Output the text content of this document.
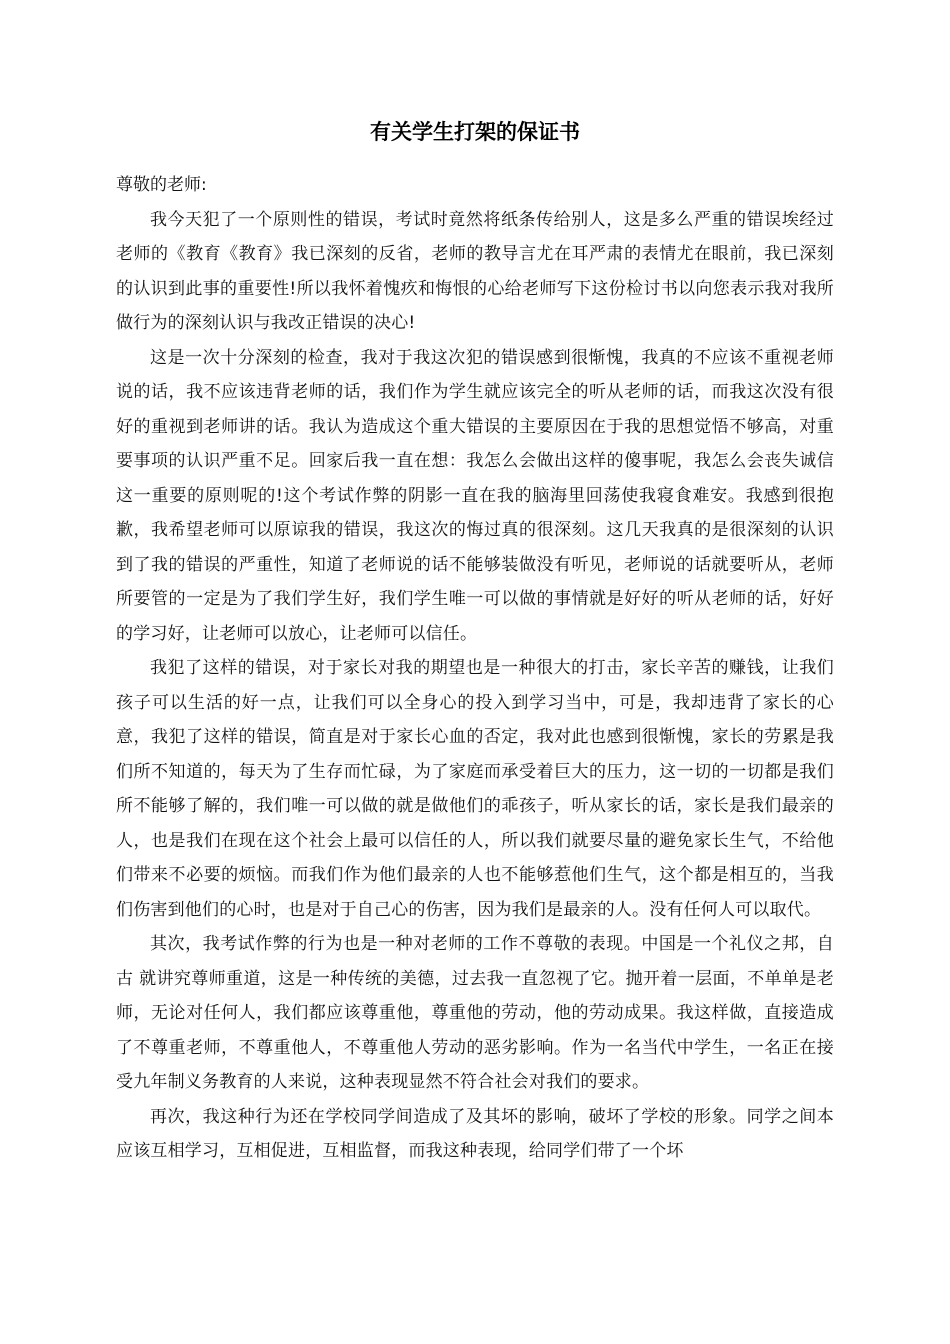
有关学生打架的保证书

尊敬的老师:

我今天犯了一个原则性的错误，考试时竟然将纸条传给别人，这是多么严重的错误埃经过老师的《教育《教育》我已深刻的反省，老师的教导言尤在耳严肃的表情尤在眼前，我已深刻的认识到此事的重要性!所以我怀着愧疚和悔恨的心给老师写下这份检讨书以向您表示我对我所做行为的深刻认识与我改正错误的决心!

这是一次十分深刻的检查，我对于我这次犯的错误感到很惭愧，我真的不应该不重视老师说的话，我不应该违背老师的话，我们作为学生就应该完全的听从老师的话，而我这次没有很好的重视到老师讲的话。我认为造成这个重大错误的主要原因在于我的思想觉悟不够高，对重要事项的认识严重不足。回家后我一直在想：我怎么会做出这样的傻事呢，我怎么会丧失诚信这一重要的原则呢的!这个考试作弊的阴影一直在我的脑海里回荡使我寝食难安。我感到很抱歉，我希望老师可以原谅我的错误，我这次的悔过真的很深刻。这几天我真的是很深刻的认识到了我的错误的严重性，知道了老师说的话不能够装做没有听见，老师说的话就要听从，老师所要管的一定是为了我们学生好，我们学生唯一可以做的事情就是好好的听从老师的话，好好的学习好，让老师可以放心，让老师可以信任。

我犯了这样的错误，对于家长对我的期望也是一种很大的打击，家长辛苦的赚钱，让我们孩子可以生活的好一点，让我们可以全身心的投入到学习当中，可是，我却违背了家长的心意，我犯了这样的错误，简直是对于家长心血的否定，我对此也感到很惭愧，家长的劳累是我们所不知道的，每天为了生存而忙碌，为了家庭而承受着巨大的压力，这一切的一切都是我们所不能够了解的，我们唯一可以做的就是做他们的乖孩子，听从家长的话，家长是我们最亲的人，也是我们在现在这个社会上最可以信任的人，所以我们就要尽量的避免家长生气，不给他们带来不必要的烦恼。而我们作为他们最亲的人也不能够惹他们生气，这个都是相互的，当我们伤害到他们的心时，也是对于自己心的伤害，因为我们是最亲的人。没有任何人可以取代。

其次，我考试作弊的行为也是一种对老师的工作不尊敬的表现。中国是一个礼仪之邦，自古 就讲究尊师重道，这是一种传统的美德，过去我一直忽视了它。抛开着一层面，不单单是老师，无论对任何人，我们都应该尊重他，尊重他的劳动，他的劳动成果。我这样做，直接造成了不尊重老师，不尊重他人，不尊重他人劳动的恶劣影响。作为一名当代中学生，一名正在接受九年制义务教育的人来说，这种表现显然不符合社会对我们的要求。

再次，我这种行为还在学校同学间造成了及其坏的影响，破坏了学校的形象。同学之间本应该互相学习，互相促进，互相监督，而我这种表现，给同学们带了一个坏
